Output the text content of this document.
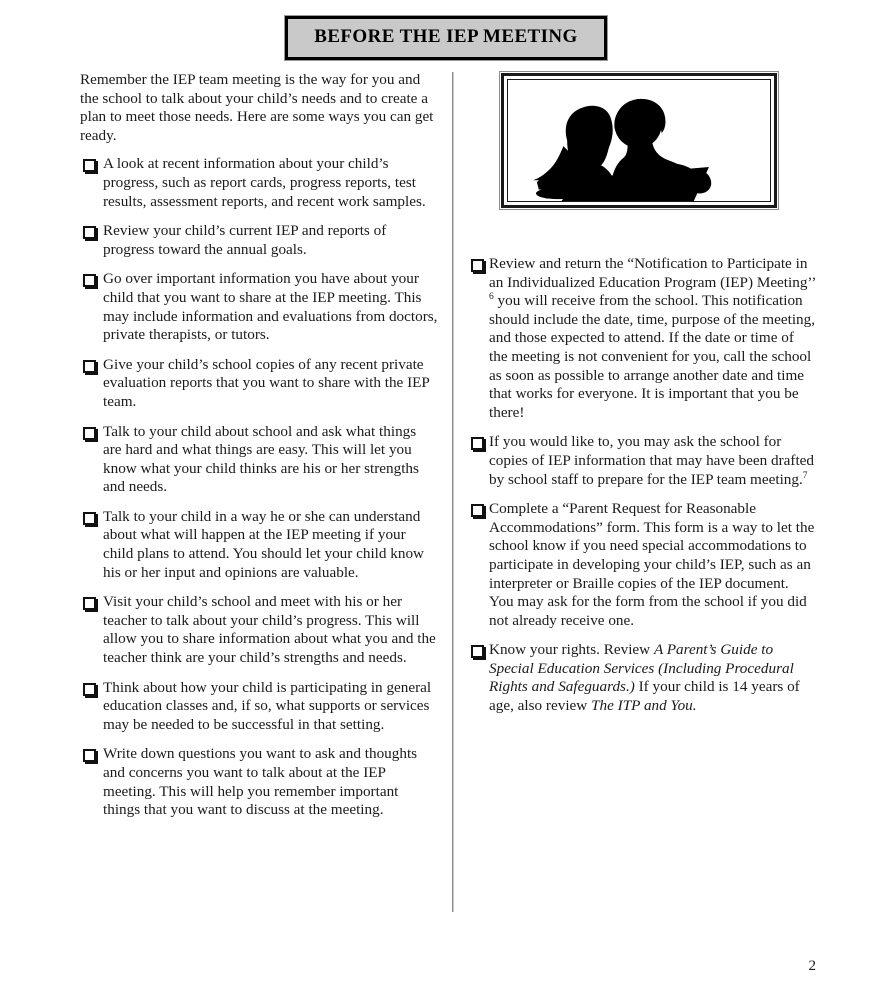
BEFORE THE IEP MEETING

Remember the IEP team meeting is the way for you and the school to talk about your child’s needs and to create a plan to meet those needs. Here are some ways you can get ready.

A look at recent information about your child’s progress, such as report cards, progress reports, test results, assessment reports, and recent work samples.
Review your child’s current IEP and reports of progress toward the annual goals.
Go over important information you have about your child that you want to share at the IEP meeting. This may include information and evaluations from doctors, private therapists, or tutors.
Give your child’s school copies of any recent private evaluation reports that you want to share with the IEP team.
Talk to your child about school and ask what things are hard and what things are easy. This will let you know what your child thinks are his or her strengths and needs.
Talk to your child in a way he or she can understand about what will happen at the IEP meeting if your child plans to attend. You should let your child know his or her input and opinions are valuable.
Visit your child’s school and meet with his or her teacher to talk about your child’s progress. This will allow you to share information about what you and the teacher think are your child’s strengths and needs.
Think about how your child is participating in general education classes and, if so, what supports or services may be needed to be successful in that setting.
Write down questions you want to ask and thoughts and concerns you want to talk about at the IEP meeting. This will help you remember important things that you want to discuss at the meeting.
Review and return the “Notification to Participate in an Individualized Education Program (IEP) Meeting’’ $^6$ you will receive from the school. This notification should include the date, time, purpose of the meeting, and those expected to attend. If the date or time of the meeting is not convenient for you, call the school as soon as possible to arrange another date and time that works for everyone. It is important that you be there!
If you would like to, you may ask the school for copies of IEP information that may have been drafted by school staff to prepare for the IEP team meeting.$^7$
Complete a “Parent Request for Reasonable Accommodations” form. This form is a way to let the school know if you need special accommodations to participate in developing your child’s IEP, such as an interpreter or Braille copies of the IEP document. You may ask for the form from the school if you did not already receive one.
Know your rights. Review A Parent’s Guide to Special Education Services (Including Procedural Rights and Safeguards.) If your child is 14 years of age, also review The ITP and You.
2
